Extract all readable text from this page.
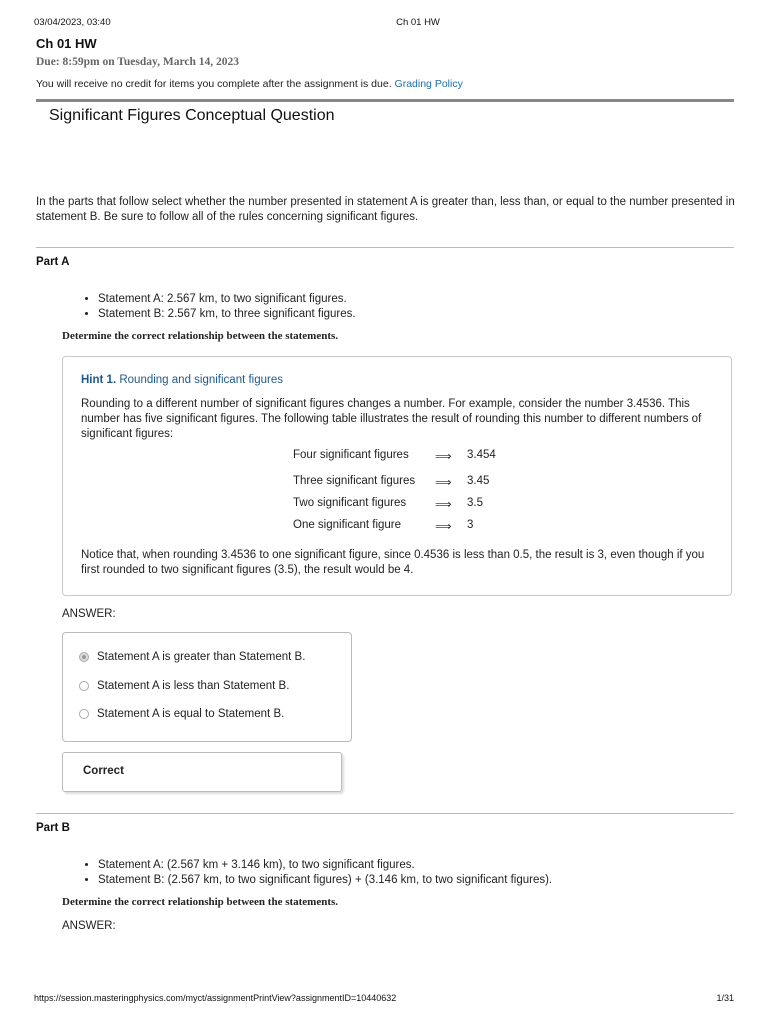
03/04/2023, 03:40	Ch 01 HW
Ch 01 HW
Due: 8:59pm on Tuesday, March 14, 2023
You will receive no credit for items you complete after the assignment is due. Grading Policy
Significant Figures Conceptual Question
In the parts that follow select whether the number presented in statement A is greater than, less than, or equal to the number presented in statement B. Be sure to follow all of the rules concerning significant figures.
Part A
• Statement A: 2.567 km, to two significant figures.
• Statement B: 2.567 km, to three significant figures.
Determine the correct relationship between the statements.
Hint 1. Rounding and significant figures
Rounding to a different number of significant figures changes a number. For example, consider the number 3.4536. This number has five significant figures. The following table illustrates the result of rounding this number to different numbers of significant figures:
Four significant figures	⟹ 3.454
Three significant figures	⟹ 3.45
Two significant figures	⟹ 3.5
One significant figure	⟹ 3
Notice that, when rounding 3.4536 to one significant figure, since 0.4536 is less than 0.5, the result is 3, even though if you first rounded to two significant figures (3.5), the result would be 4.
ANSWER:
Statement A is greater than Statement B.
Statement A is less than Statement B.
Statement A is equal to Statement B.
Correct
Part B
• Statement A: (2.567 km + 3.146 km), to two significant figures.
• Statement B: (2.567 km, to two significant figures) + (3.146 km, to two significant figures).
Determine the correct relationship between the statements.
ANSWER:
https://session.masteringphysics.com/myct/assignmentPrintView?assignmentID=10440632	1/31
